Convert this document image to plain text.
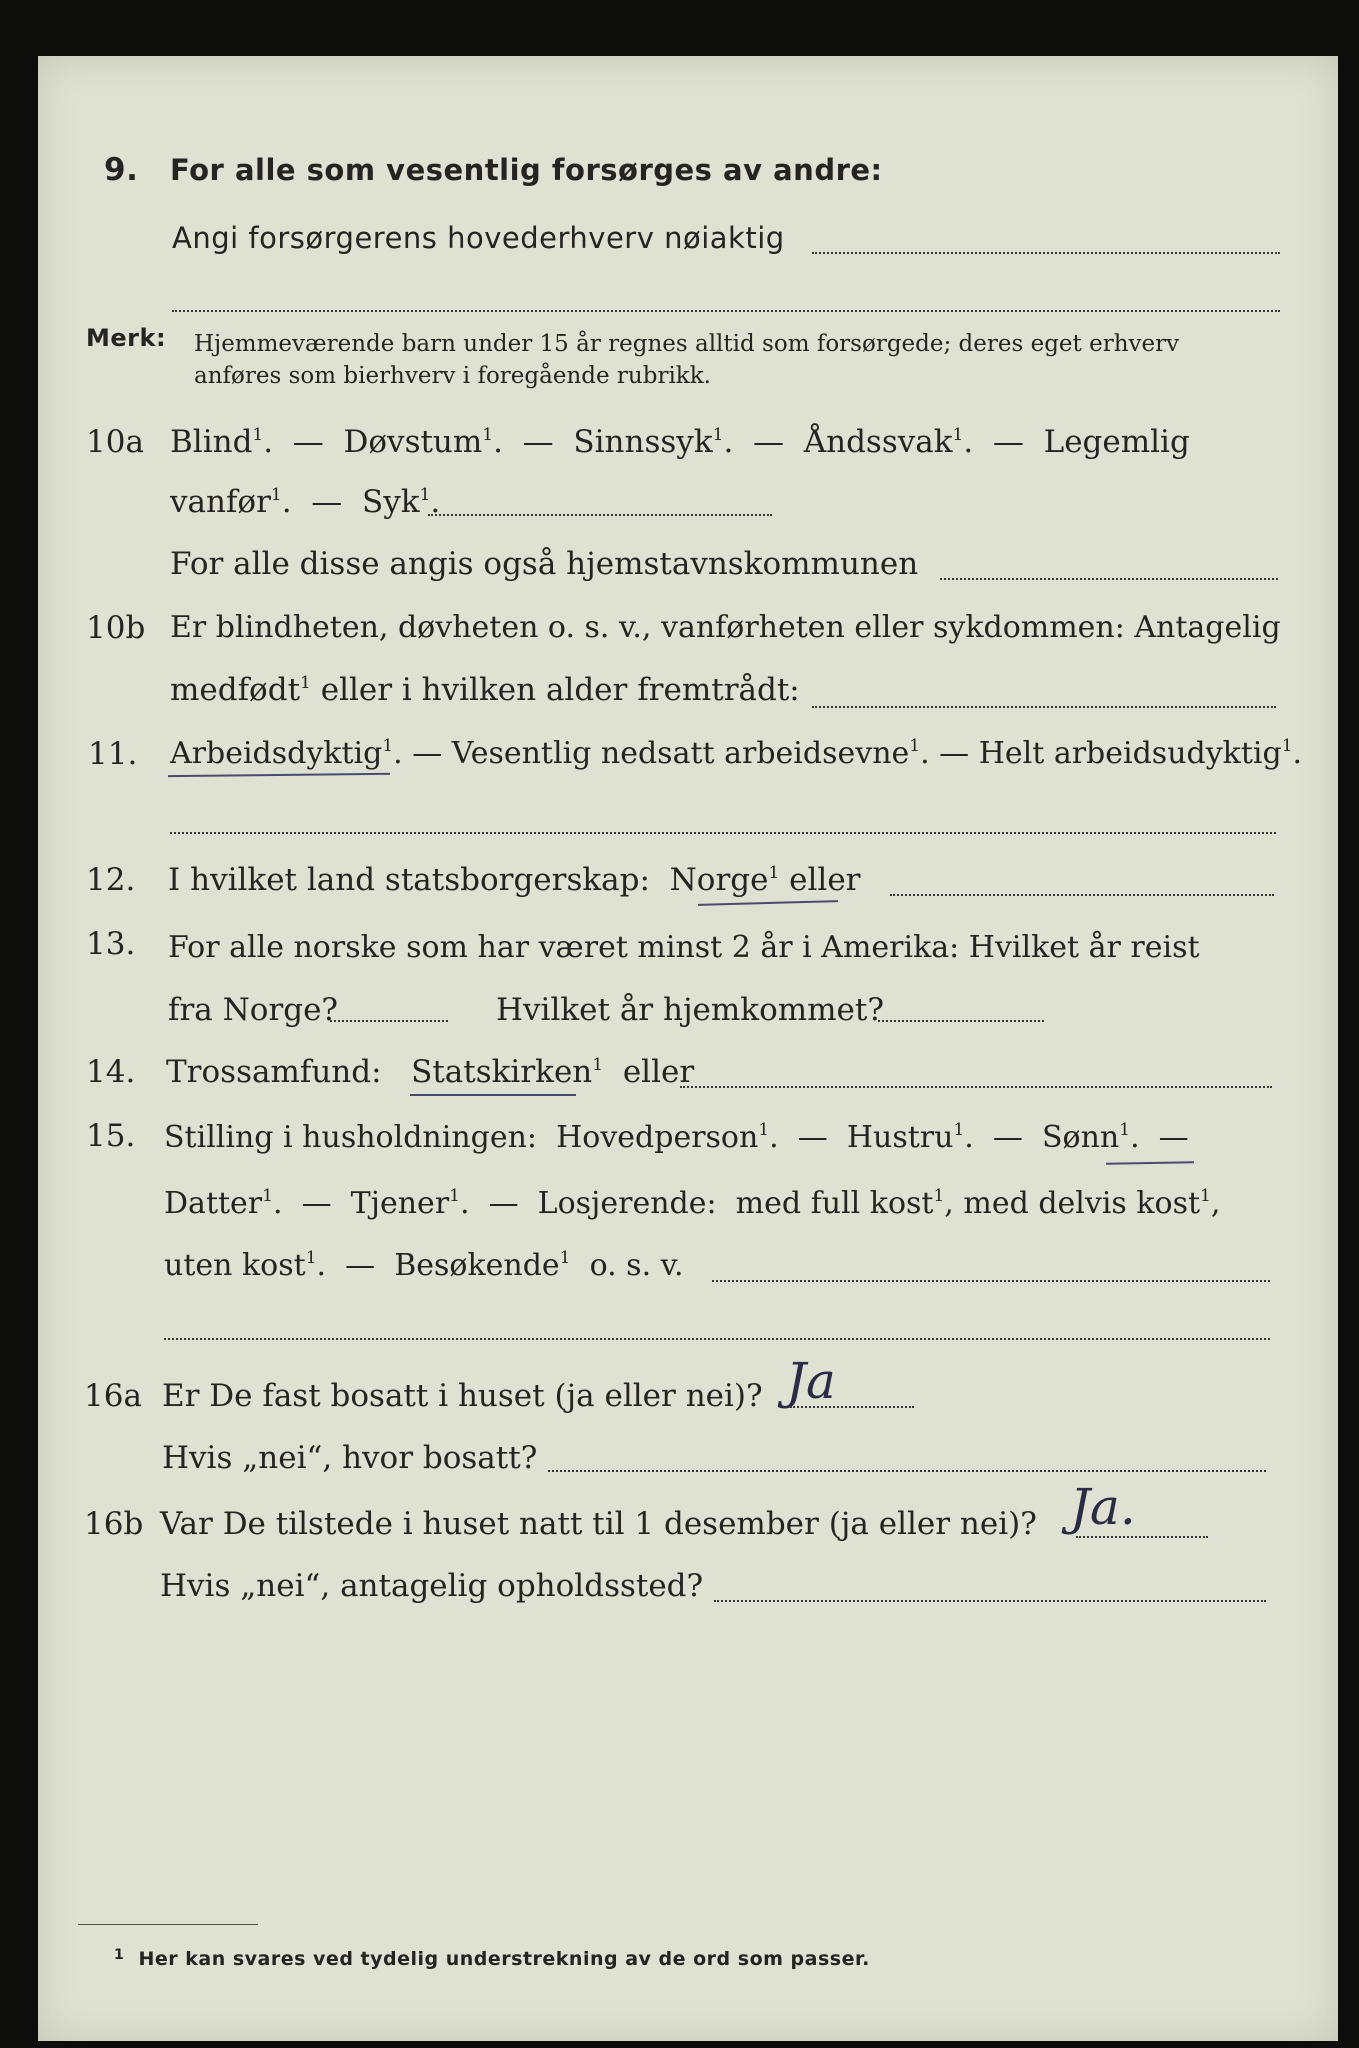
9. For alle som vesentlig forsørges av andre:
Angi forsørgerens hovederhverv nøiaktig
Merk: Hjemmeværende barn under 15 år regnes alltid som forsørgede; deres eget erhverv
anføres som bierhverv i foregående rubrikk.
10a Blind$^1$.  —  Døvstum$^1$.  —  Sinnssyk$^1$.  —  Åndssvak$^1$.  —  Legemlig
vanfør$^1$.  —  Syk$^1$.
For alle disse angis også hjemstavnskommunen
10b Er blindheten, døvheten o. s. v., vanførheten eller sykdommen: Antagelig
medfødt$^1$ eller i hvilken alder fremtrådt:
11. Arbeidsdyktig$^1$. — Vesentlig nedsatt arbeidsevne$^1$. — Helt arbeidsudyktig$^1$.
12. I hvilket land statsborgerskap: Norge$^1$ eller
13. For alle norske som har været minst 2 år i Amerika: Hvilket år reist
fra Norge?	Hvilket år hjemkommet?
14. Trossamfund: Statskirken$^1$ eller
15. Stilling i husholdningen: Hovedperson$^1$.  —  Hustru$^1$.  —  Sønn$^1$.  —
Datter$^1$.  —  Tjener$^1$.  —  Losjerende: med full kost$^1$, med delvis kost$^1$,
uten kost$^1$.  —  Besøkende$^1$ o. s. v.
16a Er De fast bosatt i huset (ja eller nei)? Ja
Hvis „nei“, hvor bosatt?
16b Var De tilstede i huset natt til 1 desember (ja eller nei)? Ja.
Hvis „nei“, antagelig opholdssted?
$^1$ Her kan svares ved tydelig understrekning av de ord som passer.
